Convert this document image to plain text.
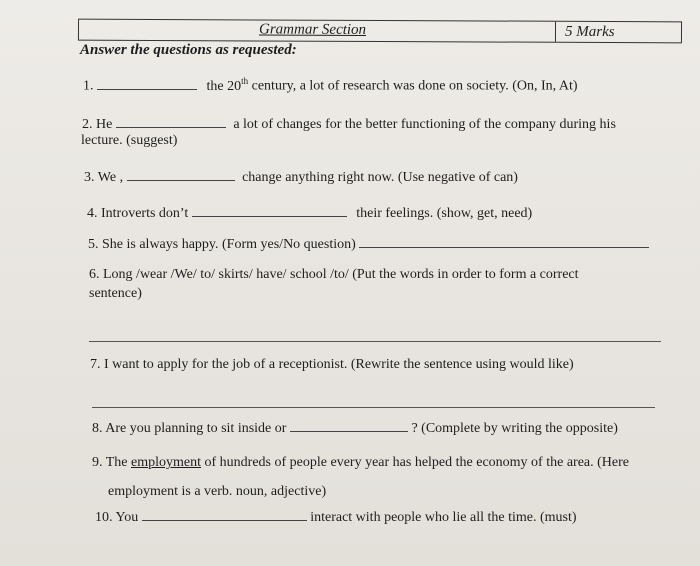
Grammar Section	5 Marks
Answer the questions as requested:
1.	the 20th century, a lot of research was done on society. (On, In, At)
2. He	a lot of changes for the better functioning of the company during his
lecture. (suggest)
3. We ,	change anything right now. (Use negative of can)
4. Introverts don’t	their feelings. (show, get, need)
5. She is always happy. (Form yes/No question)
6. Long /wear /We/ to/ skirts/ have/ school /to/ (Put the words in order to form a correct
sentence)
7. I want to apply for the job of a receptionist. (Rewrite the sentence using would like)
8. Are you planning to sit inside or	? (Complete by writing the opposite)
9. The employment of hundreds of people every year has helped the economy of the area. (Here
employment is a verb. noun, adjective)
10. You	interact with people who lie all the time. (must)
